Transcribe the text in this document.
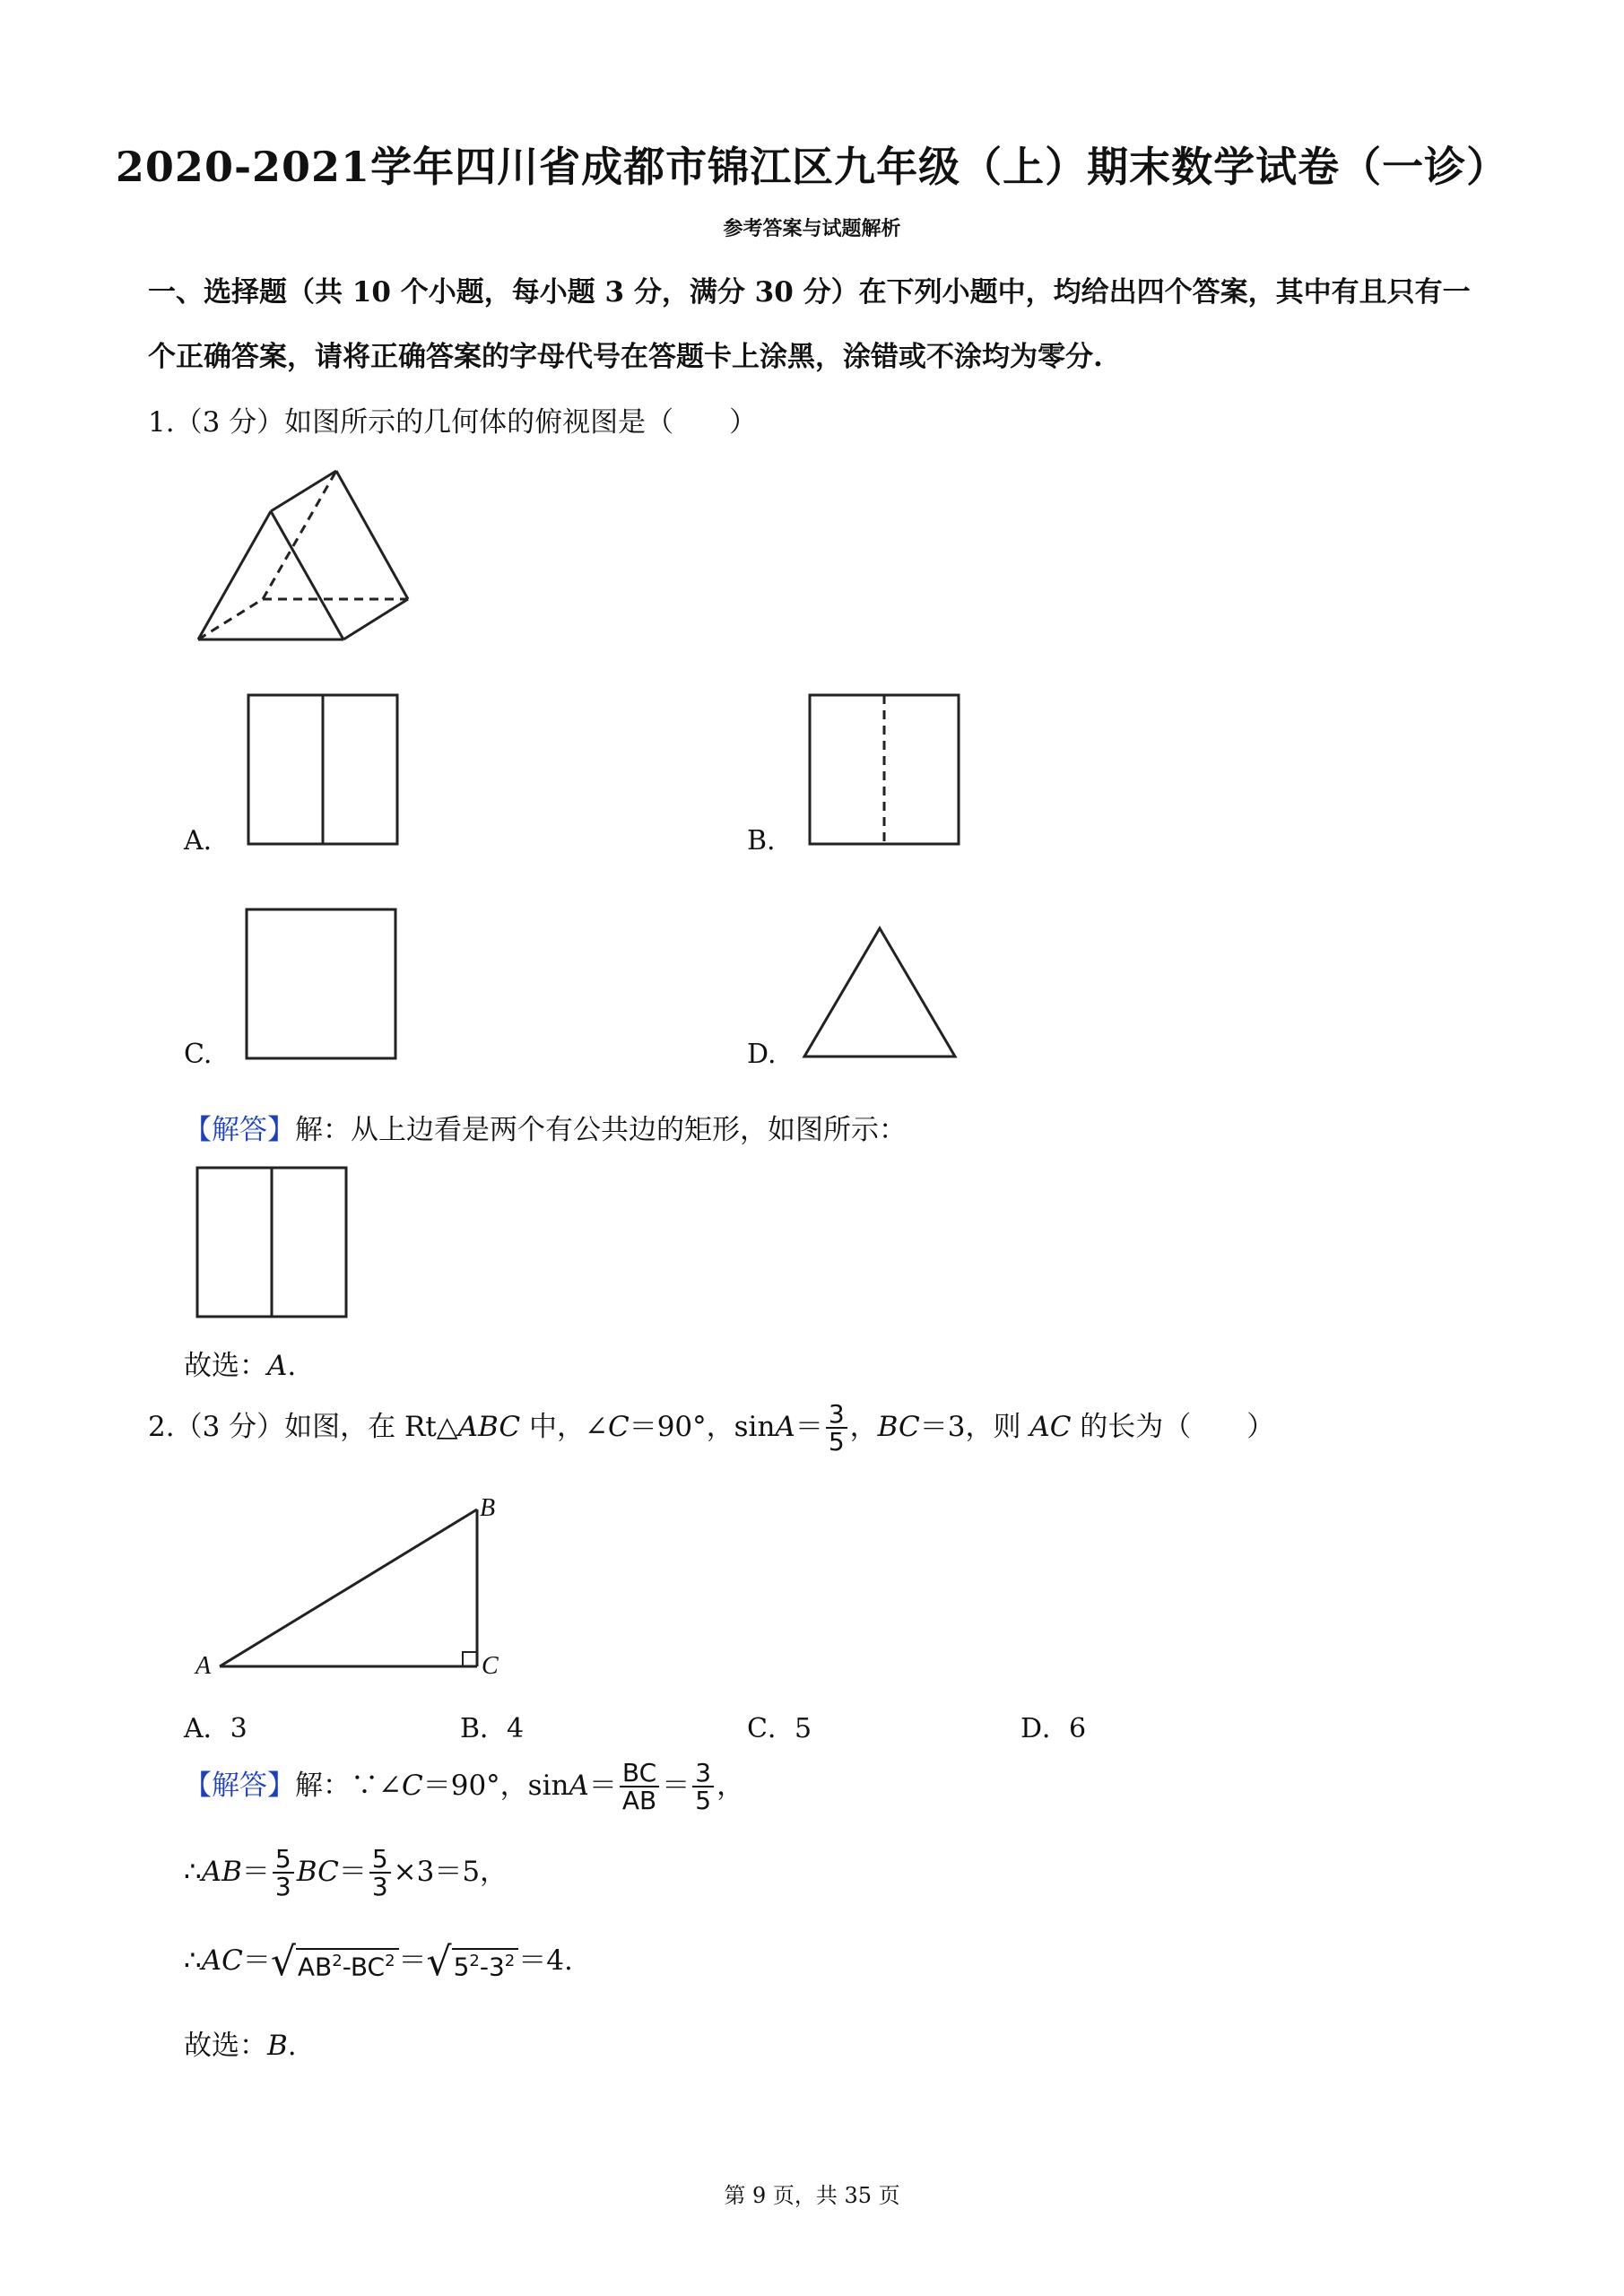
2020-2021学年四川省成都市锦江区九年级（上）期末数学试卷（一诊）
参考答案与试题解析
一、选择题（共 10 个小题，每小题 3 分，满分 30 分）在下列小题中，均给出四个答案，其中有且只有一
个正确答案，请将正确答案的字母代号在答题卡上涂黑，涂错或不涂均为零分.
1.（3 分）如图所示的几何体的俯视图是（　　）
A.	B.
C.	D.
【解答】解：从上边看是两个有公共边的矩形，如图所示：
故选：A.
2.（3 分）如图，在 Rt△ABC 中，∠C＝90°，$\sin A= \frac{3}{5}$ ，BC＝3，则 AC 的长为（　　）
A
B
C
A．3	B．4	C．5	D．6
【解答】解：∵∠C＝90°，$\sin A= \frac{BC}{AB} = \frac{3}{5}$ ，
∴AB＝ $\frac{5}{3} BC= \frac{5}{3} \times 3=5$，
$\therefore AC=√AB^2-BC^2 =√5^2-3^2 =4$.
故选：B.
第 9 页，共 35 页
